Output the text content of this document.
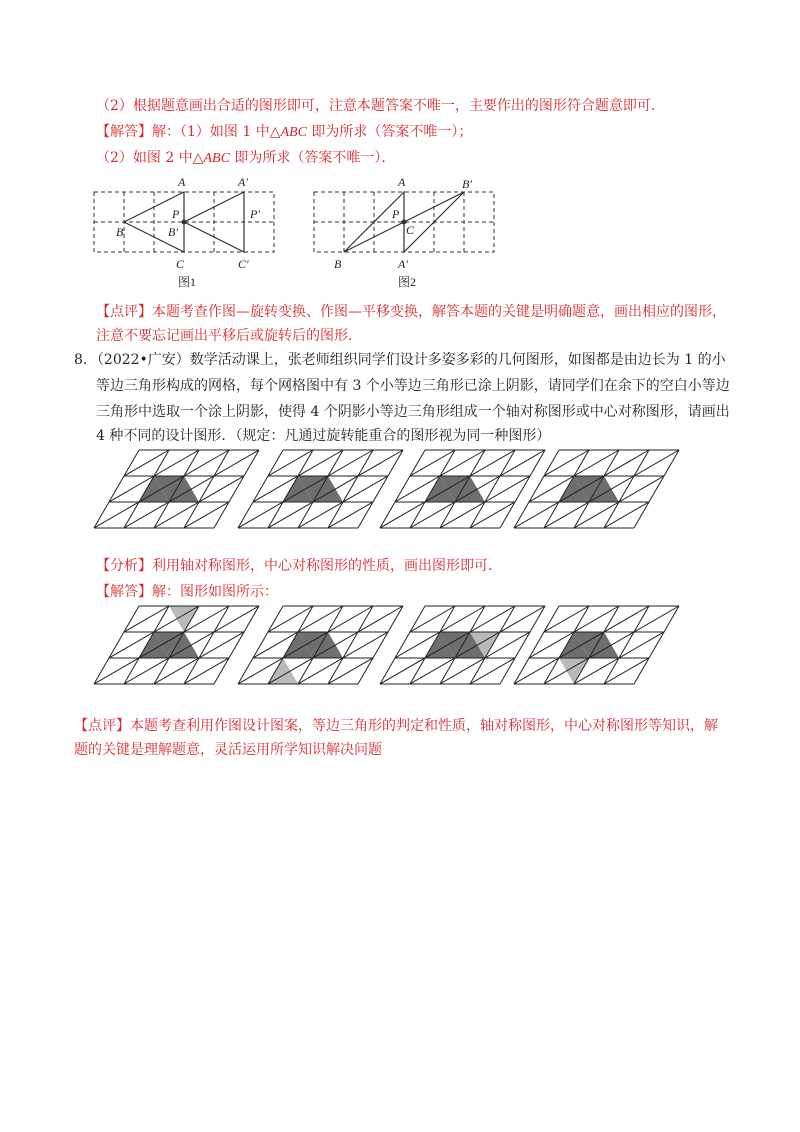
（2）根据题意画出合适的图形即可，注意本题答案不唯一，主要作出的图形符合题意即可．
【解答】解：（1）如图 1 中△ABC 即为所求（答案不唯一）；
（2）如图 2 中△ABC 即为所求（答案不唯一）．
A	A′
P	P′
B	B′
C	C′
图1
A	B′
P
C
B	A′
图2
【点评】本题考查作图—旋转变换、作图—平移变换，解答本题的关键是明确题意，画出相应的图形，
注意不要忘记画出平移后或旋转后的图形．
8．（2022•广安）数学活动课上，张老师组织同学们设计多姿多彩的几何图形，如图都是由边长为 1 的小
等边三角形构成的网格，每个网格图中有 3 个小等边三角形已涂上阴影，请同学们在余下的空白小等边
三角形中选取一个涂上阴影，使得 4 个阴影小等边三角形组成一个轴对称图形或中心对称图形，请画出
4 种不同的设计图形．（规定：凡通过旋转能重合的图形视为同一种图形）
【分析】利用轴对称图形，中心对称图形的性质，画出图形即可．
【解答】解：图形如图所示：
【点评】本题考查利用作图设计图案，等边三角形的判定和性质，轴对称图形，中心对称图形等知识，解
题的关键是理解题意，灵活运用所学知识解决问题
